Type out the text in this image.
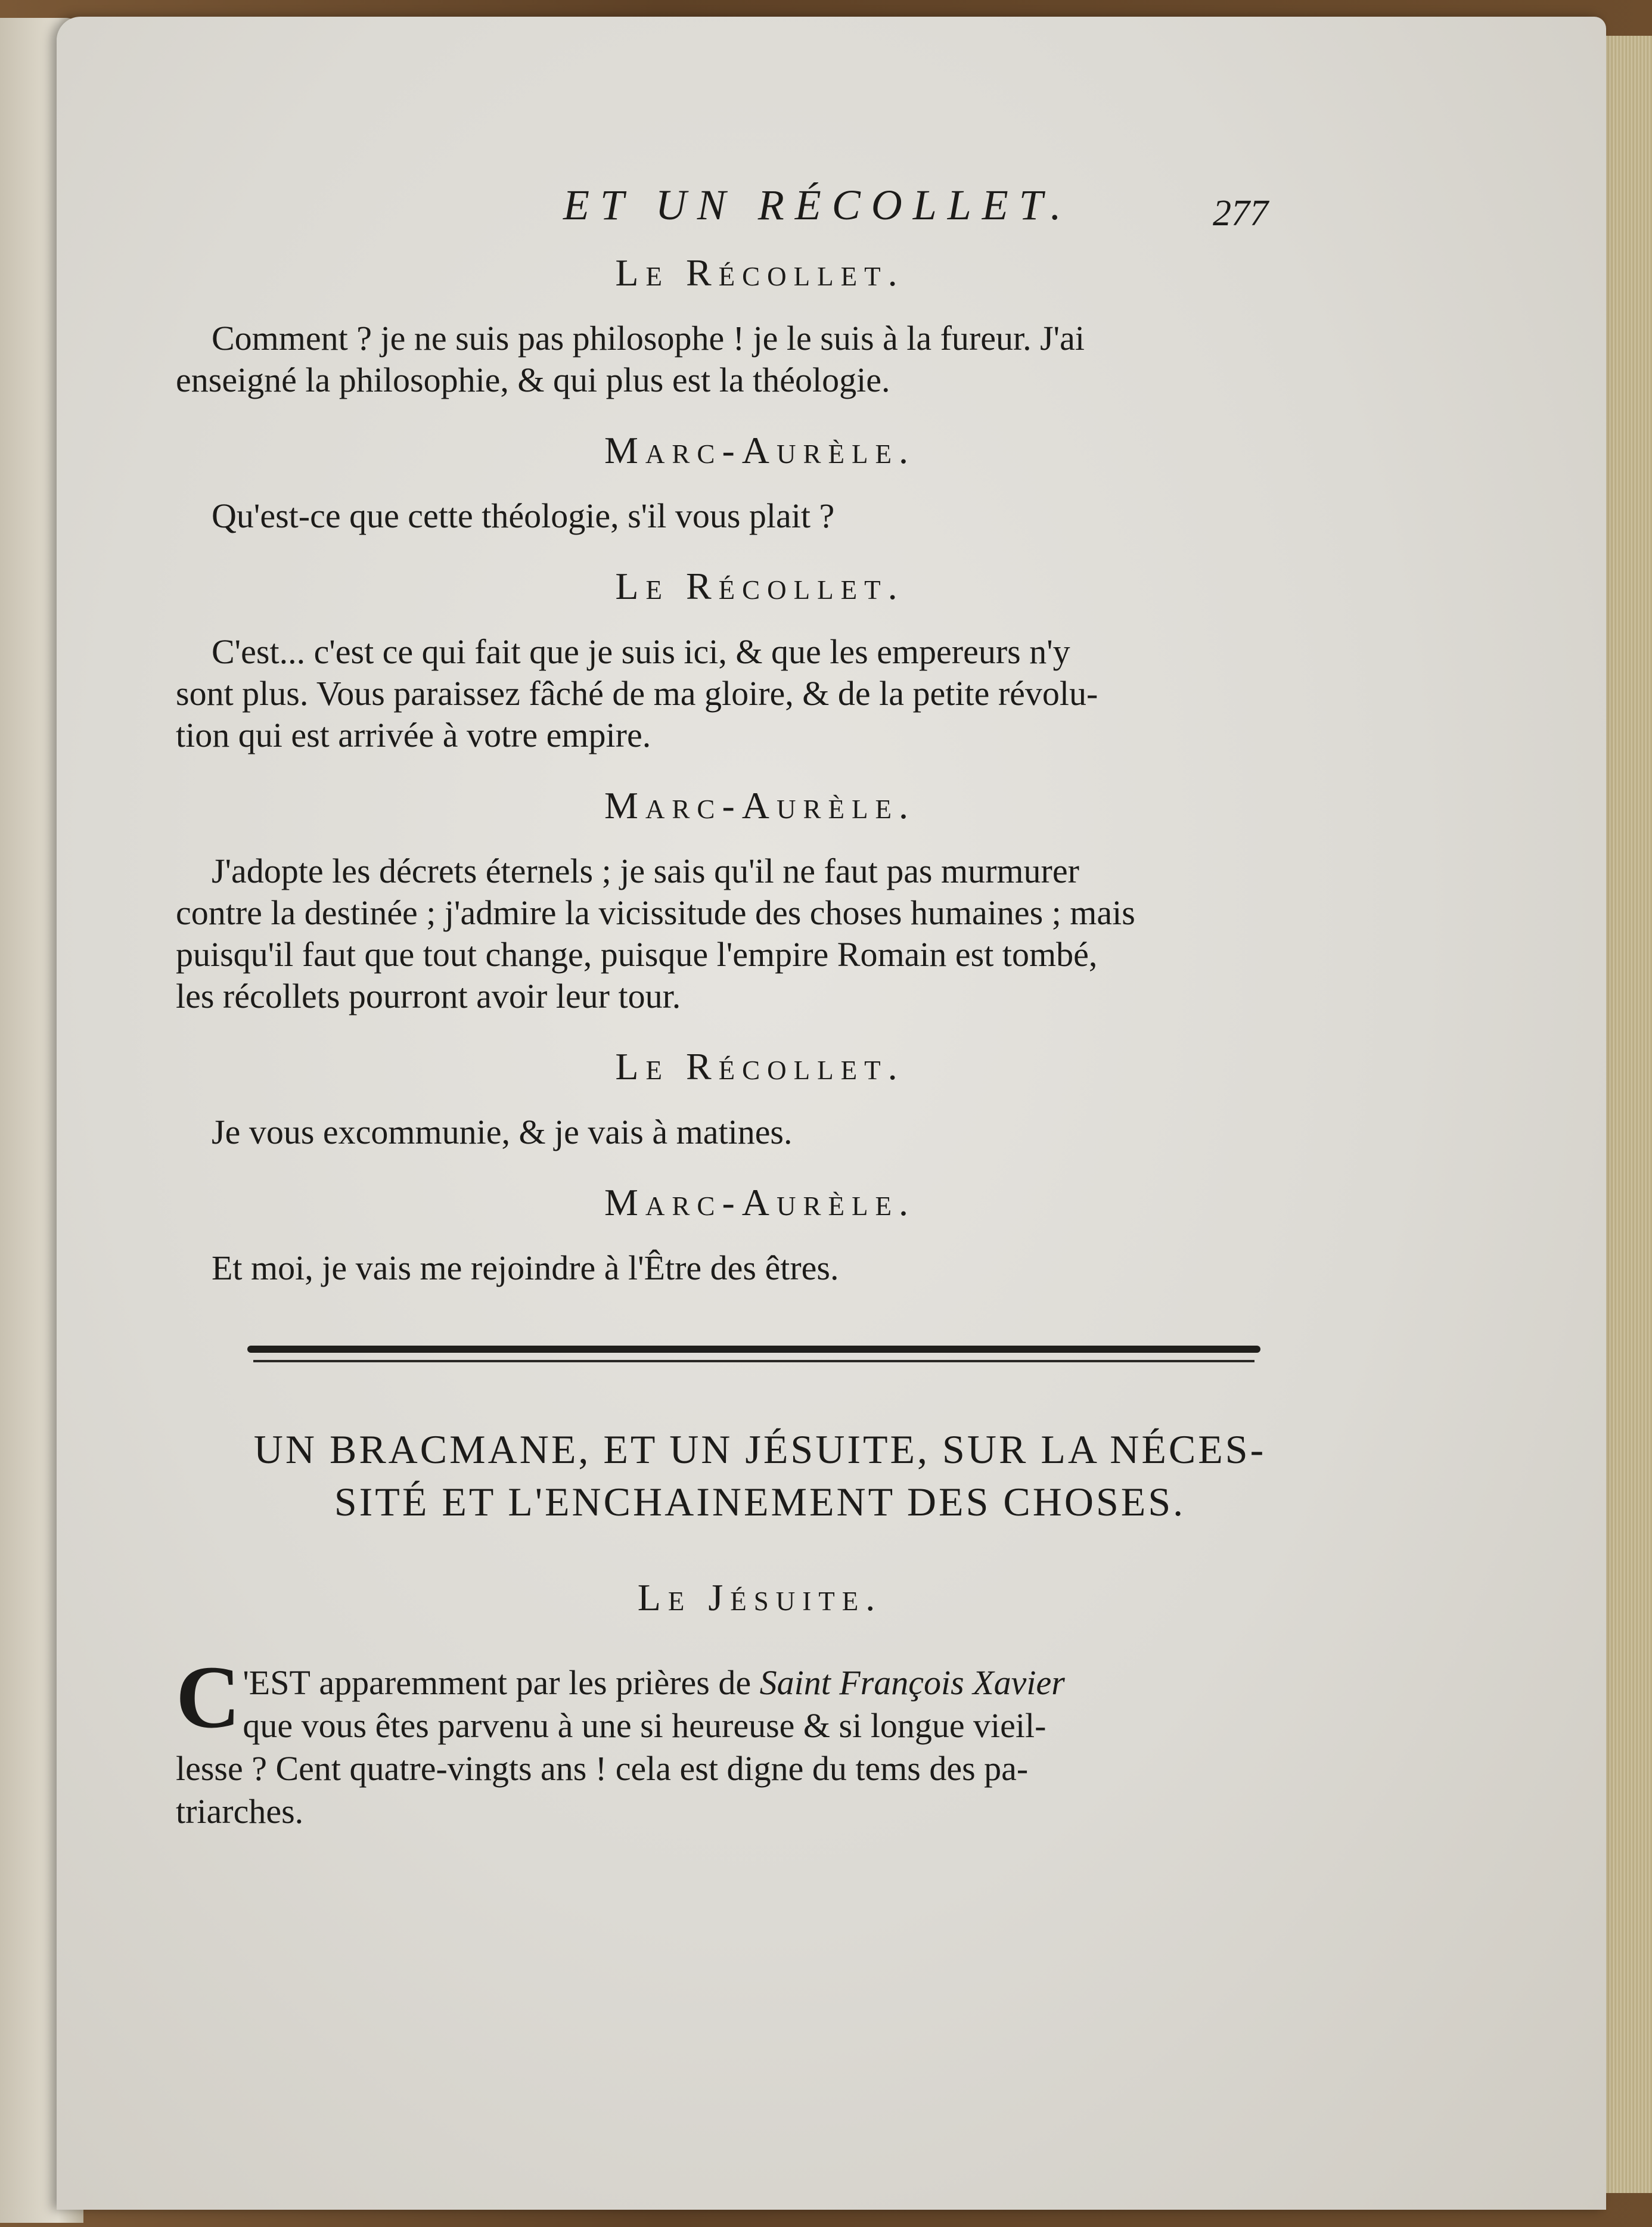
ET UN RÉCOLLET.	277

Le Récollet.

Comment ? je ne suis pas philosophe ! je le suis à la fureur. J'ai

enseigné la philosophie, & qui plus est la théologie.

Marc-Aurèle.

Qu'est-ce que cette théologie, s'il vous plait ?

Le Récollet.

C'est... c'est ce qui fait que je suis ici, & que les empereurs n'y

sont plus. Vous paraissez fâché de ma gloire, & de la petite révolu-

tion qui est arrivée à votre empire.

Marc-Aurèle.

J'adopte les décrets éternels ; je sais qu'il ne faut pas murmurer

contre la destinée ; j'admire la vicissitude des choses humaines ; mais

puisqu'il faut que tout change, puisque l'empire Romain est tombé,

les récollets pourront avoir leur tour.

Le Récollet.

Je vous excommunie, & je vais à matines.

Marc-Aurèle.

Et moi, je vais me rejoindre à l'Être des êtres.

UN BRACMANE, ET UN JÉSUITE, SUR LA NÉCES-

SITÉ ET L'ENCHAINEMENT DES CHOSES.

Le Jésuite.

C 'EST apparemment par les prières de Saint François Xavier
que vous êtes parvenu à une si heureuse & si longue vieil-
lesse ? Cent quatre-vingts ans ! cela est digne du tems des pa-
triarches.
